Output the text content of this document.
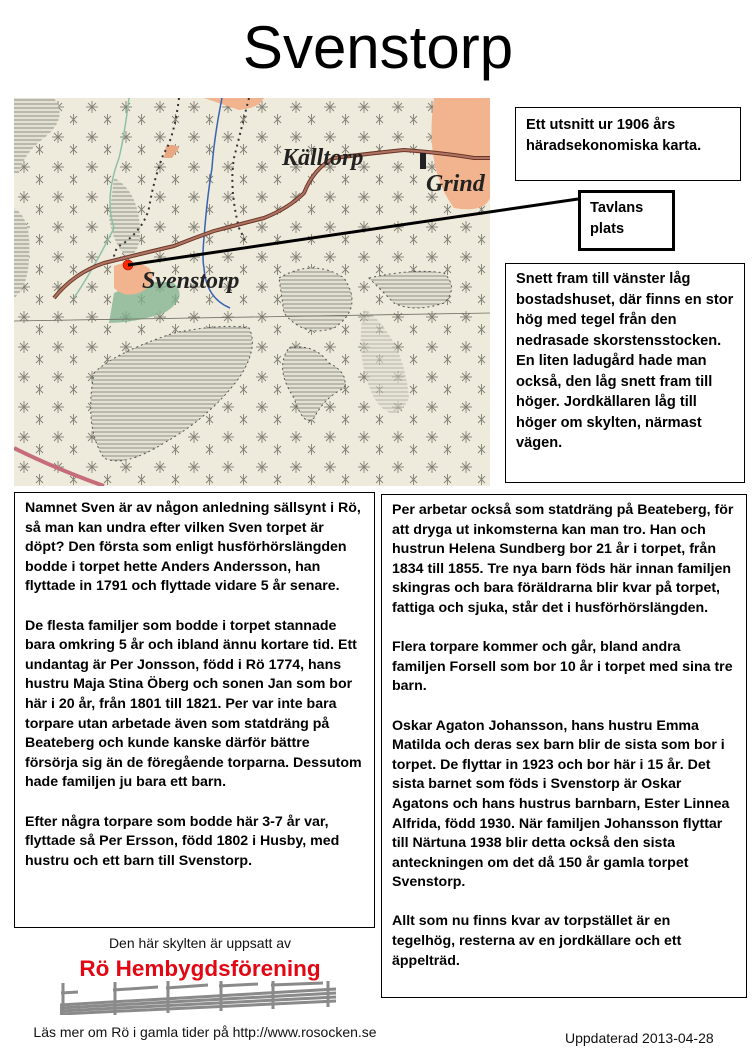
Svenstorp
Källtorp
Grind
Svenstorp

Ett utsnitt ur 1906 års häradsekonomiska karta.

Tavlans plats

Snett fram till vänster låg bostadshuset, där finns en stor hög med tegel från den nedrasade skorstensstocken. En liten ladugård hade man också, den låg snett fram till höger. Jordkällaren låg till höger om skylten, närmast vägen.

Namnet Sven är av någon anledning sällsynt i Rö, så man kan undra efter vilken Sven torpet är döpt? Den första som enligt husförhörslängden bodde i torpet hette Anders Andersson, han flyttade in 1791 och flyttade vidare 5 år senare.

De flesta familjer som bodde i torpet stannade bara omkring 5 år och ibland ännu kortare tid. Ett undantag är Per Jonsson, född i Rö 1774, hans hustru Maja Stina Öberg och sonen Jan som bor här i 20 år, från 1801 till 1821. Per var inte bara torpare utan arbetade även som statdräng på Beateberg och kunde kanske därför bättre försörja sig än de föregående torparna. Dessutom hade familjen ju bara ett barn.

Efter några torpare som bodde här 3-7 år var, flyttade så Per Ersson, född 1802 i Husby, med hustru och ett barn till Svenstorp.

Per arbetar också som statdräng på Beateberg, för att dryga ut inkomsterna kan man tro. Han och hustrun Helena Sundberg bor 21 år i torpet, från 1834 till 1855. Tre nya barn föds här innan familjen skingras och bara föräldrarna blir kvar på torpet, fattiga och sjuka, står det i husförhörslängden.

Flera torpare kommer och går, bland andra familjen Forsell som bor 10 år i torpet med sina tre barn.

Oskar Agaton Johansson, hans hustru Emma Matilda och deras sex barn blir de sista som bor i torpet. De flyttar in 1923 och bor här i 15 år. Det sista barnet som föds i Svenstorp är Oskar Agatons och hans hustrus barnbarn, Ester Linnea Alfrida, född 1930. När familjen Johansson flyttar till Närtuna 1938 blir detta också den sista anteckningen om det då 150 år gamla torpet Svenstorp.

Allt som nu finns kvar av torpstället är en tegelhög, resterna av en jordkällare och ett äppelträd.

Den här skylten är uppsatt av
Rö Hembygdsförening
Läs mer om Rö i gamla tider på http://www.rosocken.se	Uppdaterad 2013-04-28
